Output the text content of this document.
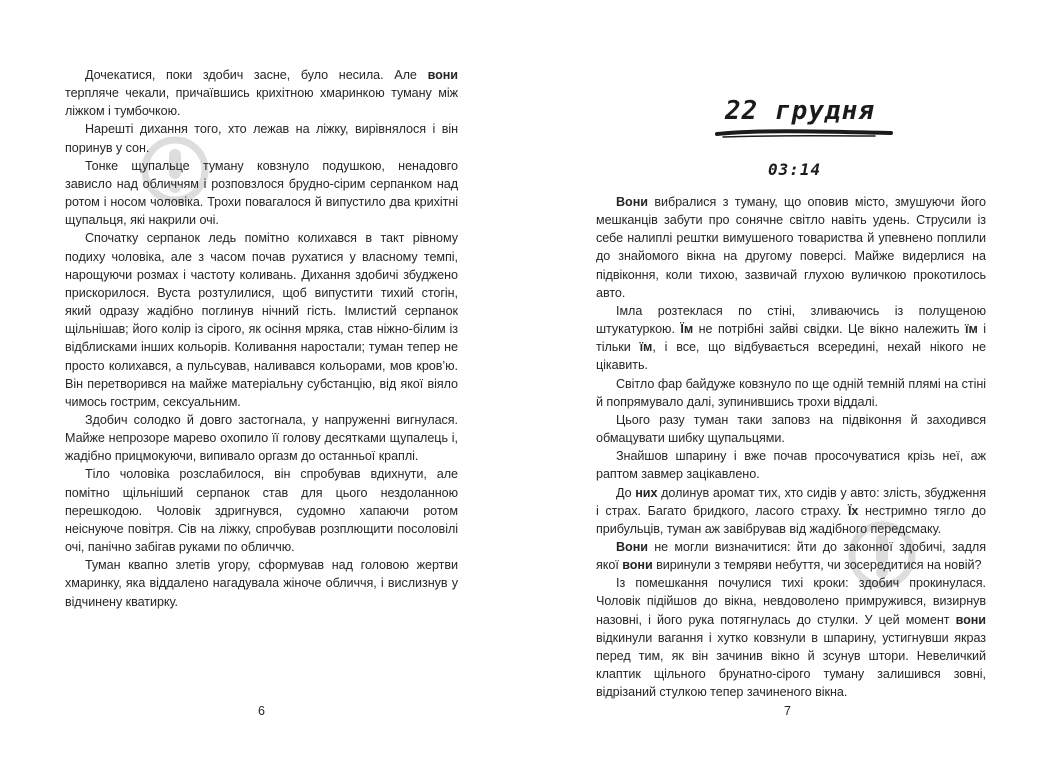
Дочекатися, поки здобич засне, було несила. Але вони терпляче чекали, причаївшись крихітною хмаринкою туману між ліжком і тумбочкою.

Нарешті дихання того, хто лежав на ліжку, вирівнялося і він поринув у сон.

Тонке щупальце туману ковзнуло подушкою, ненадовго зависло над обличчям і розповзлося брудно-сірим серпанком над ротом і носом чоловіка. Трохи повагалося й випустило два крихітні щупальця, які накрили очі.

Спочатку серпанок ледь помітно колихався в такт рівному подиху чоловіка, але з часом почав рухатися у власному темпі, нарощуючи розмах і частоту коливань. Дихання здобичі збуджено прискорилося. Вуста розтулилися, щоб випустити тихий стогін, який одразу жадібно поглинув нічний гість. Імлистий серпанок щільнішав; його колір із сірого, як осіння мряка, став ніжно-білим із відблисками інших кольорів. Коливання наростали; туман тепер не просто колихався, а пульсував, наливався кольорами, мов кров’ю. Він перетворився на майже матеріальну субстанцію, від якої віяло чимось гострим, сексуальним.

Здобич солодко й довго застогнала, у напруженні вигнулася. Майже непрозоре марево охопило її голову десятками щупалець і, жадібно прицмокуючи, випивало оргазм до останньої краплі.

Тіло чоловіка розслабилося, він спробував вдихнути, але помітно щільніший серпанок став для цього нездоланною перешкодою. Чоловік здригнувся, судомно хапаючи ротом неіснуюче повітря. Сів на ліжку, спробував розплющити посоловілі очі, панічно забігав руками по обличчю.

Туман квапно злетів угору, сформував над головою жертви хмаринку, яка віддалено нагадувала жіноче обличчя, і вислизнув у відчинену кватирку.

6
22 грудня
03:14

Вони вибралися з туману, що оповив місто, змушуючи його мешканців забути про сонячне світло навіть удень. Струсили із себе налиплі рештки вимушеного товариства й упевнено поплили до знайомого вікна на другому поверсі. Майже видерлися на підвіконня, коли тихою, зазвичай глухою вуличкою прокотилось авто.

Імла розтеклася по стіні, зливаючись із полущеною штукатуркою. Їм не потрібні зайві свідки. Це вікно належить їм і тільки їм, і все, що відбувається всередині, нехай нікого не цікавить.

Світло фар байдуже ковзнуло по ще одній темній плямі на стіні й попрямувало далі, зупинившись трохи віддалі.

Цього разу туман таки заповз на підвіконня й заходився обмацувати шибку щупальцями.

Знайшов шпарину і вже почав просочуватися крізь неї, аж раптом завмер зацікавлено.

До них долинув аромат тих, хто сидів у авто: злість, збудження і страх. Багато бридкого, ласого страху. Їх нестримно тягло до прибульців, туман аж завібрував від жадібного передсмаку.

Вони не могли визначитися: йти до законної здобичі, задля якої вони виринули з темряви небуття, чи зосередитися на новій?

Із помешкання почулися тихі кроки: здобич прокинулася. Чоловік підійшов до вікна, невдоволено примружився, визирнув назовні, і його рука потягнулась до стулки. У цей момент вони відкинули вагання і хутко ковзнули в шпарину, устигнувши якраз перед тим, як він зачинив вікно й зсунув штори. Невеличкий клаптик щільного брунатно-сірого туману залишився зовні, відрізаний стулкою тепер зачиненого вікна.

7
